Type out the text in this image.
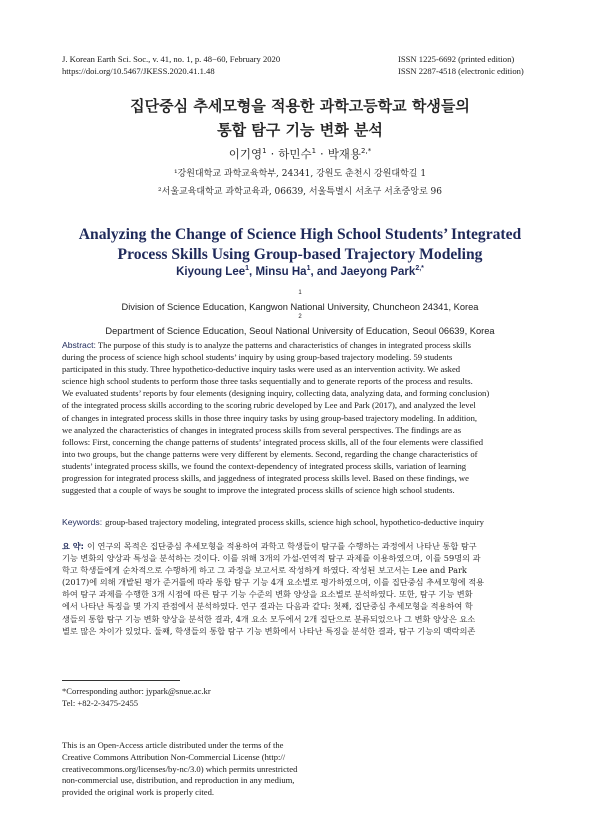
J. Korean Earth Sci. Soc., v. 41, no. 1, p. 48−60, February 2020
https://doi.org/10.5467/JKESS.2020.41.1.48
ISSN 1225-6692 (printed edition)
ISSN 2287-4518 (electronic edition)
집단중심 추세모형을 적용한 과학고등학교 학생들의
통합 탐구 기능 변화 분석
이기영$^1$ · 하민수$^1$ · 박재용$^{2,*}$
¹강원대학교 과학교육학부, 24341, 강원도 춘천시 강원대학길 1
²서울교육대학교 과학교육과, 06639, 서울특별시 서초구 서초중앙로 96
Analyzing the Change of Science High School Students’ Integrated
Process Skills Using Group-based Trajectory Modeling
Kiyoung Lee$^1$, Minsu Ha$^1$, and Jaeyong Park$^{2,*}$
$^1$
Division of Science Education, Kangwon National University, Chuncheon 24341, Korea
$^2$
Department of Science Education, Seoul National University of Education, Seoul 06639, Korea
Abstract: The purpose of this study is to analyze the patterns and characteristics of changes in integrated process skills
during the process of science high school students’ inquiry by using group-based trajectory modeling. 59 students
participated in this study. Three hypothetico-deductive inquiry tasks were used as an intervention activity. We asked
science high school students to perform those three tasks sequentially and to generate reports of the process and results.
We evaluated students’ reports by four elements (designing inquiry, collecting data, analyzing data, and forming conclusion)
of the integrated process skills according to the scoring rubric developed by Lee and Park (2017), and analyzed the level
of changes in integrated process skills in those three inquiry tasks by using group-based trajectory modeling. In addition,
we analyzed the characteristics of changes in integrated process skills from several perspectives. The findings are as
follows: First, concerning the change patterns of students’ integrated process skills, all of the four elements were classified
into two groups, but the change patterns were very different by elements. Second, regarding the change characteristics of
students’ integrated process skills, we found the context-dependency of integrated process skills, variation of learning
progression for integrated process skills, and jaggedness of integrated process skills level. Based on these findings, we
suggested that a couple of ways be sought to improve the integrated process skills of science high school students.
Keywords: group-based trajectory modeling, integrated process skills, science high school, hypothetico-deductive inquiry
요 약: 이 연구의 목적은 집단중심 추세모형을 적용하여 과학고 학생들이 탐구를 수행하는 과정에서 나타난 통합 탐구
기능 변화의 양상과 특성을 분석하는 것이다. 이를 위해 3개의 가설-연역적 탐구 과제를 이용하였으며, 이를 59명의 과
학고 학생들에게 순차적으로 수행하게 하고 그 과정을 보고서로 작성하게 하였다. 작성된 보고서는 Lee and Park
(2017)에 의해 개발된 평가 준거틀에 따라 통합 탐구 기능 4개 요소별로 평가하였으며, 이를 집단중심 추세모형에 적용
하여 탐구 과제를 수행한 3개 시점에 따른 탐구 기능 수준의 변화 양상을 요소별로 분석하였다. 또한, 탐구 기능 변화
에서 나타난 특징을 몇 가지 관점에서 분석하였다. 연구 결과는 다음과 같다: 첫째, 집단중심 추세모형을 적용하여 학
생들의 통합 탐구 기능 변화 양상을 분석한 결과, 4개 요소 모두에서 2개 집단으로 분류되었으나 그 변화 양상은 요소
별로 많은 차이가 있었다. 둘째, 학생들의 통합 탐구 기능 변화에서 나타난 특징을 분석한 결과, 탐구 기능의 맥락의존
*Corresponding author: jypark@snue.ac.kr
Tel: +82-2-3475-2455
This is an Open-Access article distributed under the terms of the
Creative Commons Attribution Non-Commercial License (http://
creativecommons.org/licenses/by-nc/3.0) which permits unrestricted
non-commercial use, distribution, and reproduction in any medium,
provided the original work is properly cited.
